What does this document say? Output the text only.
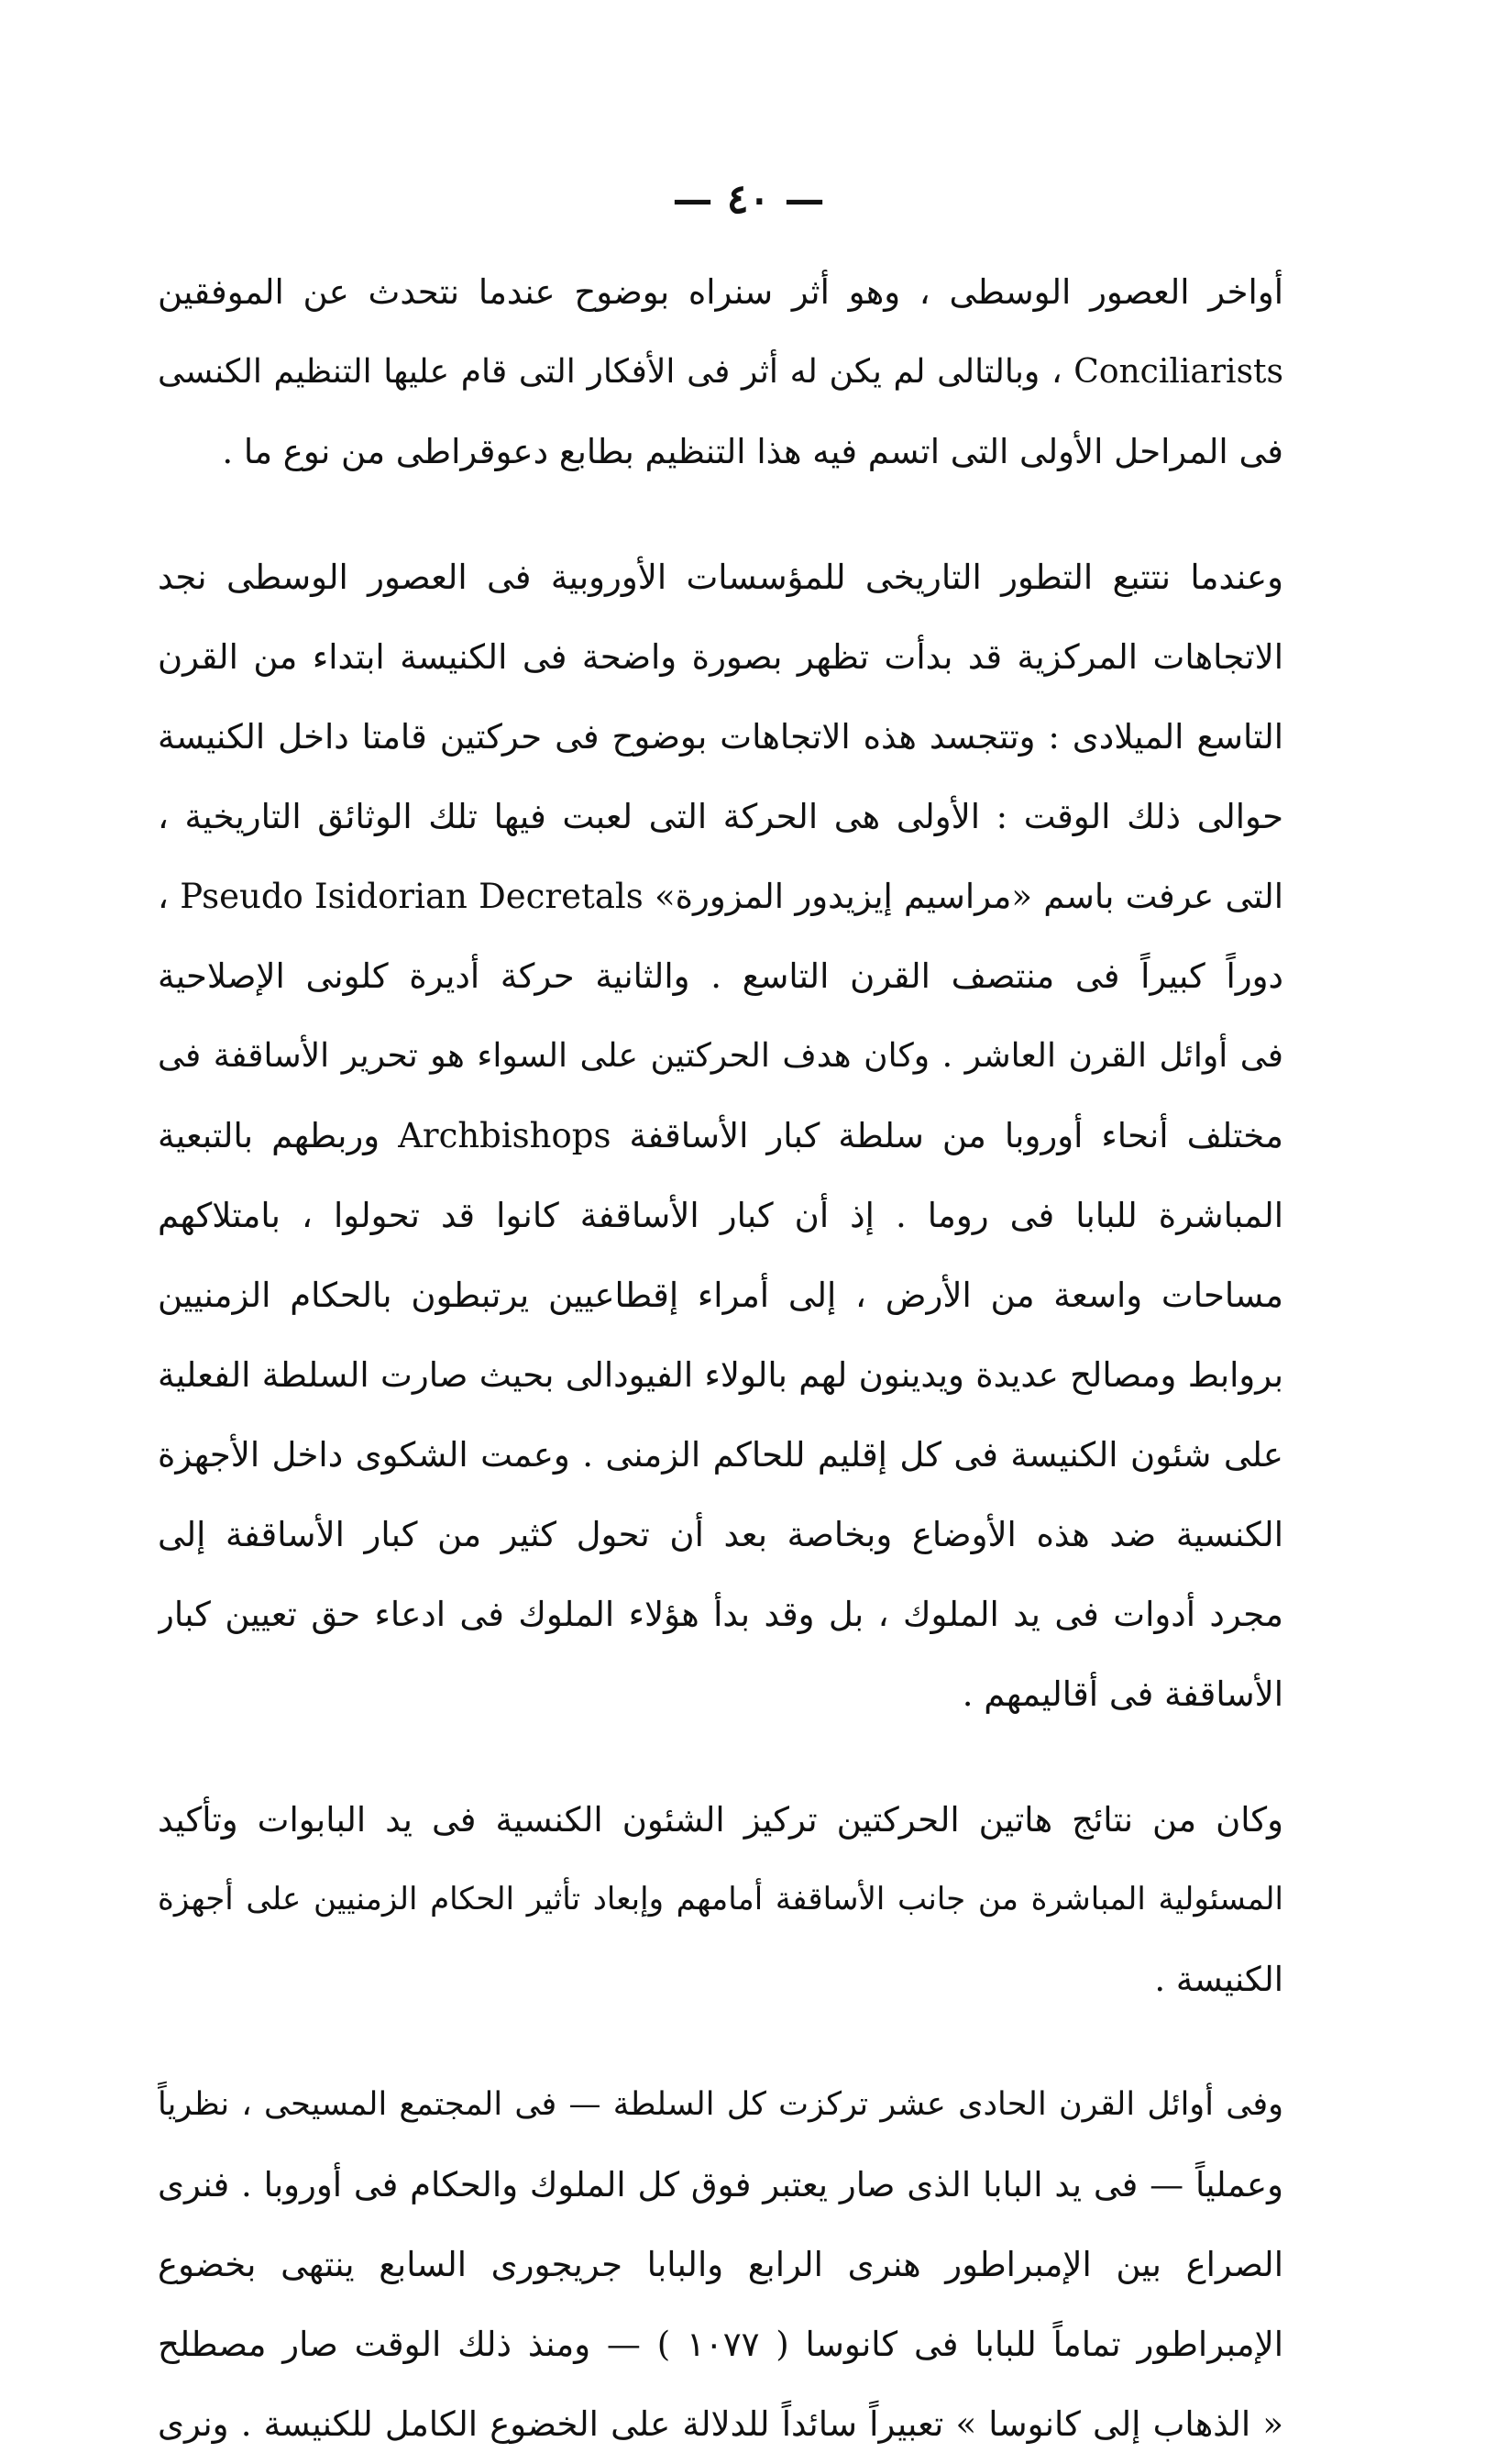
— ٤٠ —
أواخر العصور الوسطى ، وهو أثر سنراه بوضوح عندما نتحدث عن الموفقين
Conciliarists ، وبالتالى لم يكن له أثر فى الأفكار التى قام عليها التنظيم الكنسى
فى المراحل الأولى التى اتسم فيه هذا التنظيم بطابع دعوقراطى من نوع ما .
وعندما نتتبع التطور التاريخى للمؤسسات الأوروبية فى العصور الوسطى نجد
الاتجاهات المركزية قد بدأت تظهر بصورة واضحة فى الكنيسة ابتداء من القرن
التاسع الميلادى : وتتجسد هذه الاتجاهات بوضوح فى حركتين قامتا داخل الكنيسة
حوالى ذلك الوقت : الأولى هى الحركة التى لعبت فيها تلك الوثائق التاريخية ،
التى عرفت باسم «مراسيم إيزيدور المزورة» Pseudo Isidorian Decretals ،
دوراً كبيراً فى منتصف القرن التاسع . والثانية حركة أديرة كلونى الإصلاحية
فى أوائل القرن العاشر . وكان هدف الحركتين على السواء هو تحرير الأساقفة فى
مختلف أنحاء أوروبا من سلطة كبار الأساقفة Archbishops وربطهم بالتبعية
المباشرة للبابا فى روما . إذ أن كبار الأساقفة كانوا قد تحولوا ، بامتلاكهم
مساحات واسعة من الأرض ، إلى أمراء إقطاعيين يرتبطون بالحكام الزمنيين
بروابط ومصالح عديدة ويدينون لهم بالولاء الفيودالى بحيث صارت السلطة الفعلية
على شئون الكنيسة فى كل إقليم للحاكم الزمنى . وعمت الشكوى داخل الأجهزة
الكنسية ضد هذه الأوضاع وبخاصة بعد أن تحول كثير من كبار الأساقفة إلى
مجرد أدوات فى يد الملوك ، بل وقد بدأ هؤلاء الملوك فى ادعاء حق تعيين كبار
الأساقفة فى أقاليمهم .
وكان من نتائج هاتين الحركتين تركيز الشئون الكنسية فى يد البابوات وتأكيد
المسئولية المباشرة من جانب الأساقفة أمامهم وإبعاد تأثير الحكام الزمنيين على أجهزة
الكنيسة .
وفى أوائل القرن الحادى عشر تركزت كل السلطة — فى المجتمع المسيحى ، نظرياً
وعملياً — فى يد البابا الذى صار يعتبر فوق كل الملوك والحكام فى أوروبا . فنرى
الصراع بين الإمبراطور هنرى الرابع والبابا جريجورى السابع ينتهى بخضوع
الإمبراطور تماماً للبابا فى كانوسا ( ١٠٧٧ ) — ومنذ ذلك الوقت صار مصطلح
« الذهاب إلى كانوسا » تعبيراً سائداً للدلالة على الخضوع الكامل للكنيسة . ونرى
